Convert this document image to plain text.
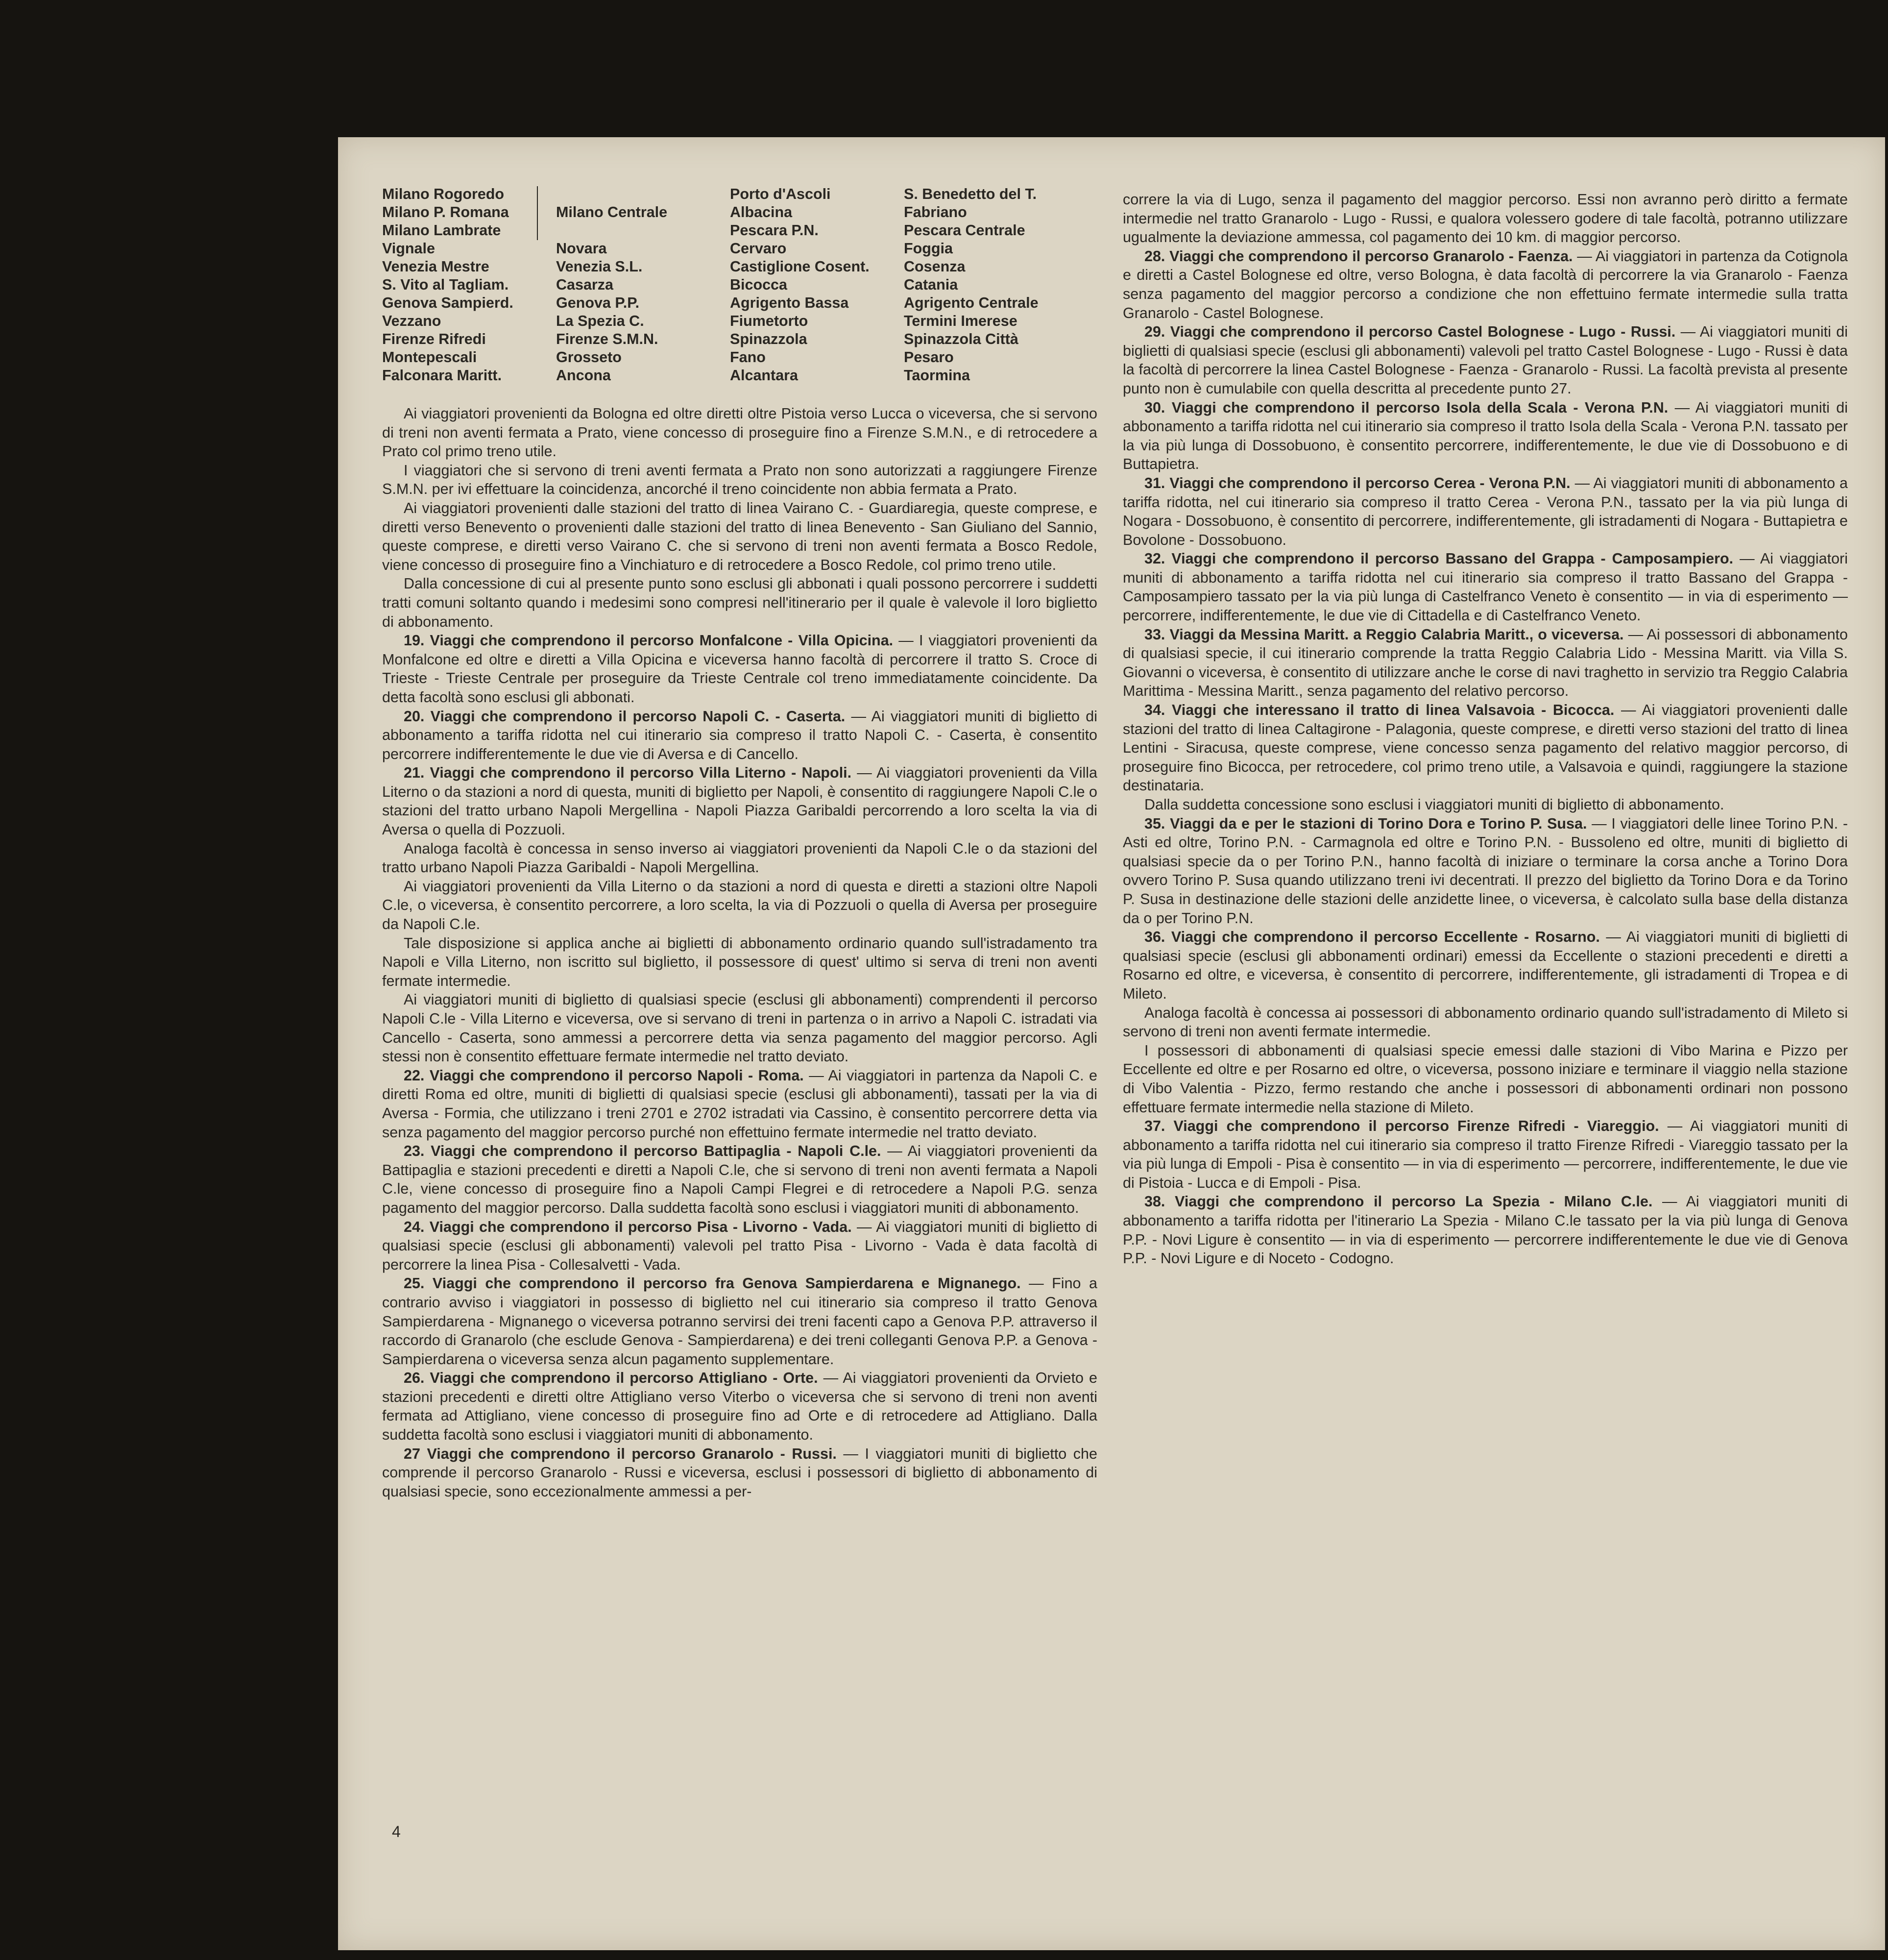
Milano Rogoredo
Milano P. Romana
Milano Lambrate
Vignale
Venezia Mestre
S. Vito al Tagliam.
Genova Sampierd.
Vezzano
Firenze Rifredi
Montepescali
Falconara Maritt.
Milano Centrale

Novara
Venezia S.L.
Casarza
Genova P.P.
La Spezia C.
Firenze S.M.N.
Grosseto
Ancona
Porto d'Ascoli
Albacina
Pescara P.N.
Cervaro
Castiglione Cosent.
Bicocca
Agrigento Bassa
Fiumetorto
Spinazzola
Fano
Alcantara
S. Benedetto del T.
Fabriano
Pescara Centrale
Foggia
Cosenza
Catania
Agrigento Centrale
Termini Imerese
Spinazzola Città
Pesaro
Taormina

Ai viaggiatori provenienti da Bologna ed oltre diretti oltre Pistoia verso Lucca o viceversa, che si servono di treni non aventi fermata a Prato, viene concesso di proseguire fino a Firenze S.M.N., e di retrocedere a Prato col primo treno utile.

I viaggiatori che si servono di treni aventi fermata a Prato non sono autorizzati a raggiungere Firenze S.M.N. per ivi effettuare la coincidenza, ancorché il treno coincidente non abbia fermata a Prato.

Ai viaggiatori provenienti dalle stazioni del tratto di linea Vairano C. - Guardiaregia, queste comprese, e diretti verso Benevento o provenienti dalle stazioni del tratto di linea Benevento - San Giuliano del Sannio, queste comprese, e diretti verso Vairano C. che si servono di treni non aventi fermata a Bosco Redole, viene concesso di proseguire fino a Vinchiaturo e di retrocedere a Bosco Redole, col primo treno utile.

Dalla concessione di cui al presente punto sono esclusi gli abbonati i quali possono percorrere i suddetti tratti comuni soltanto quando i medesimi sono compresi nell'itinerario per il quale è valevole il loro biglietto di abbonamento.

19. Viaggi che comprendono il percorso Monfalcone - Villa Opicina. — I viaggiatori provenienti da Monfalcone ed oltre e diretti a Villa Opicina e viceversa hanno facoltà di percorrere il tratto S. Croce di Trieste - Trieste Centrale per proseguire da Trieste Centrale col treno immediatamente coincidente. Da detta facoltà sono esclusi gli abbonati.

20. Viaggi che comprendono il percorso Napoli C. - Caserta. — Ai viaggiatori muniti di biglietto di abbonamento a tariffa ridotta nel cui itinerario sia compreso il tratto Napoli C. - Caserta, è consentito percorrere indifferentemente le due vie di Aversa e di Cancello.

21. Viaggi che comprendono il percorso Villa Literno - Napoli. — Ai viaggiatori provenienti da Villa Literno o da stazioni a nord di questa, muniti di biglietto per Napoli, è consentito di raggiungere Napoli C.le o stazioni del tratto urbano Napoli Mergellina - Napoli Piazza Garibaldi percorrendo a loro scelta la via di Aversa o quella di Pozzuoli.

Analoga facoltà è concessa in senso inverso ai viaggiatori provenienti da Napoli C.le o da stazioni del tratto urbano Napoli Piazza Garibaldi - Napoli Mergellina.

Ai viaggiatori provenienti da Villa Literno o da stazioni a nord di questa e diretti a stazioni oltre Napoli C.le, o viceversa, è consentito percorrere, a loro scelta, la via di Pozzuoli o quella di Aversa per proseguire da Napoli C.le.

Tale disposizione si applica anche ai biglietti di abbonamento ordinario quando sull'istradamento tra Napoli e Villa Literno, non iscritto sul biglietto, il possessore di quest' ultimo si serva di treni non aventi fermate intermedie.

Ai viaggiatori muniti di biglietto di qualsiasi specie (esclusi gli abbonamenti) comprendenti il percorso Napoli C.le - Villa Literno e viceversa, ove si servano di treni in partenza o in arrivo a Napoli C. istradati via Cancello - Caserta, sono ammessi a percorrere detta via senza pagamento del maggior percorso. Agli stessi non è consentito effettuare fermate intermedie nel tratto deviato.

22. Viaggi che comprendono il percorso Napoli - Roma. — Ai viaggiatori in partenza da Napoli C. e diretti Roma ed oltre, muniti di biglietti di qualsiasi specie (esclusi gli abbonamenti), tassati per la via di Aversa - Formia, che utilizzano i treni 2701 e 2702 istradati via Cassino, è consentito percorrere detta via senza pagamento del maggior percorso purché non effettuino fermate intermedie nel tratto deviato.

23. Viaggi che comprendono il percorso Battipaglia - Napoli C.le. — Ai viaggiatori provenienti da Battipaglia e stazioni precedenti e diretti a Napoli C.le, che si servono di treni non aventi fermata a Napoli C.le, viene concesso di proseguire fino a Napoli Campi Flegrei e di retrocedere a Napoli P.G. senza pagamento del maggior percorso. Dalla suddetta facoltà sono esclusi i viaggiatori muniti di abbonamento.

24. Viaggi che comprendono il percorso Pisa - Livorno - Vada. — Ai viaggiatori muniti di biglietto di qualsiasi specie (esclusi gli abbonamenti) valevoli pel tratto Pisa - Livorno - Vada è data facoltà di percorrere la linea Pisa - Collesalvetti - Vada.

25. Viaggi che comprendono il percorso fra Genova Sampierdarena e Mignanego. — Fino a contrario avviso i viaggiatori in possesso di biglietto nel cui itinerario sia compreso il tratto Genova Sampierdarena - Mignanego o viceversa potranno servirsi dei treni facenti capo a Genova P.P. attraverso il raccordo di Granarolo (che esclude Genova - Sampierdarena) e dei treni colleganti Genova P.P. a Genova - Sampierdarena o viceversa senza alcun pagamento supplementare.

26. Viaggi che comprendono il percorso Attigliano - Orte. — Ai viaggiatori provenienti da Orvieto e stazioni precedenti e diretti oltre Attigliano verso Viterbo o viceversa che si servono di treni non aventi fermata ad Attigliano, viene concesso di proseguire fino ad Orte e di retrocedere ad Attigliano. Dalla suddetta facoltà sono esclusi i viaggiatori muniti di abbonamento.

27 Viaggi che comprendono il percorso Granarolo - Russi. — I viaggiatori muniti di biglietto che comprende il percorso Granarolo - Russi e viceversa, esclusi i possessori di biglietto di abbonamento di qualsiasi specie, sono eccezionalmente ammessi a per-

correre la via di Lugo, senza il pagamento del maggior percorso. Essi non avranno però diritto a fermate intermedie nel tratto Granarolo - Lugo - Russi, e qualora volessero godere di tale facoltà, potranno utilizzare ugualmente la deviazione ammessa, col pagamento dei 10 km. di maggior percorso.

28. Viaggi che comprendono il percorso Granarolo - Faenza. — Ai viaggiatori in partenza da Cotignola e diretti a Castel Bolognese ed oltre, verso Bologna, è data facoltà di percorrere la via Granarolo - Faenza senza pagamento del maggior percorso a condizione che non effettuino fermate intermedie sulla tratta Granarolo - Castel Bolognese.

29. Viaggi che comprendono il percorso Castel Bolognese - Lugo - Russi. — Ai viaggiatori muniti di biglietti di qualsiasi specie (esclusi gli abbonamenti) valevoli pel tratto Castel Bolognese - Lugo - Russi è data la facoltà di percorrere la linea Castel Bolognese - Faenza - Granarolo - Russi. La facoltà prevista al presente punto non è cumulabile con quella descritta al precedente punto 27.

30. Viaggi che comprendono il percorso Isola della Scala - Verona P.N. — Ai viaggiatori muniti di abbonamento a tariffa ridotta nel cui itinerario sia compreso il tratto Isola della Scala - Verona P.N. tassato per la via più lunga di Dossobuono, è consentito percorrere, indifferentemente, le due vie di Dossobuono e di Buttapietra.

31. Viaggi che comprendono il percorso Cerea - Verona P.N. — Ai viaggiatori muniti di abbonamento a tariffa ridotta, nel cui itinerario sia compreso il tratto Cerea - Verona P.N., tassato per la via più lunga di Nogara - Dossobuono, è consentito di percorrere, indifferentemente, gli istradamenti di Nogara - Buttapietra e Bovolone - Dossobuono.

32. Viaggi che comprendono il percorso Bassano del Grappa - Camposampiero. — Ai viaggiatori muniti di abbonamento a tariffa ridotta nel cui itinerario sia compreso il tratto Bassano del Grappa - Camposampiero tassato per la via più lunga di Castelfranco Veneto è consentito — in via di esperimento — percorrere, indifferentemente, le due vie di Cittadella e di Castelfranco Veneto.

33. Viaggi da Messina Maritt. a Reggio Calabria Maritt., o viceversa. — Ai possessori di abbonamento di qualsiasi specie, il cui itinerario comprende la tratta Reggio Calabria Lido - Messina Maritt. via Villa S. Giovanni o viceversa, è consentito di utilizzare anche le corse di navi traghetto in servizio tra Reggio Calabria Marittima - Messina Maritt., senza pagamento del relativo percorso.

34. Viaggi che interessano il tratto di linea Valsavoia - Bicocca. — Ai viaggiatori provenienti dalle stazioni del tratto di linea Caltagirone - Palagonia, queste comprese, e diretti verso stazioni del tratto di linea Lentini - Siracusa, queste comprese, viene concesso senza pagamento del relativo maggior percorso, di proseguire fino Bicocca, per retrocedere, col primo treno utile, a Valsavoia e quindi, raggiungere la stazione destinataria.

Dalla suddetta concessione sono esclusi i viaggiatori muniti di biglietto di abbonamento.

35. Viaggi da e per le stazioni di Torino Dora e Torino P. Susa. — I viaggiatori delle linee Torino P.N. - Asti ed oltre, Torino P.N. - Carmagnola ed oltre e Torino P.N. - Bussoleno ed oltre, muniti di biglietto di qualsiasi specie da o per Torino P.N., hanno facoltà di iniziare o terminare la corsa anche a Torino Dora ovvero Torino P. Susa quando utilizzano treni ivi decentrati. Il prezzo del biglietto da Torino Dora e da Torino P. Susa in destinazione delle stazioni delle anzidette linee, o viceversa, è calcolato sulla base della distanza da o per Torino P.N.

36. Viaggi che comprendono il percorso Eccellente - Rosarno. — Ai viaggiatori muniti di biglietti di qualsiasi specie (esclusi gli abbonamenti ordinari) emessi da Eccellente o stazioni precedenti e diretti a Rosarno ed oltre, e viceversa, è consentito di percorrere, indifferentemente, gli istradamenti di Tropea e di Mileto.

Analoga facoltà è concessa ai possessori di abbonamento ordinario quando sull'istradamento di Mileto si servono di treni non aventi fermate intermedie.

I possessori di abbonamenti di qualsiasi specie emessi dalle stazioni di Vibo Marina e Pizzo per Eccellente ed oltre e per Rosarno ed oltre, o viceversa, possono iniziare e terminare il viaggio nella stazione di Vibo Valentia - Pizzo, fermo restando che anche i possessori di abbonamenti ordinari non possono effettuare fermate intermedie nella stazione di Mileto.

37. Viaggi che comprendono il percorso Firenze Rifredi - Viareggio. — Ai viaggiatori muniti di abbonamento a tariffa ridotta nel cui itinerario sia compreso il tratto Firenze Rifredi - Viareggio tassato per la via più lunga di Empoli - Pisa è consentito — in via di esperimento — percorrere, indifferentemente, le due vie di Pistoia - Lucca e di Empoli - Pisa.

38. Viaggi che comprendono il percorso La Spezia - Milano C.le. — Ai viaggiatori muniti di abbonamento a tariffa ridotta per l'itinerario La Spezia - Milano C.le tassato per la via più lunga di Genova P.P. - Novi Ligure è consentito — in via di esperimento — percorrere indifferentemente le due vie di Genova P.P. - Novi Ligure e di Noceto - Codogno.

4
